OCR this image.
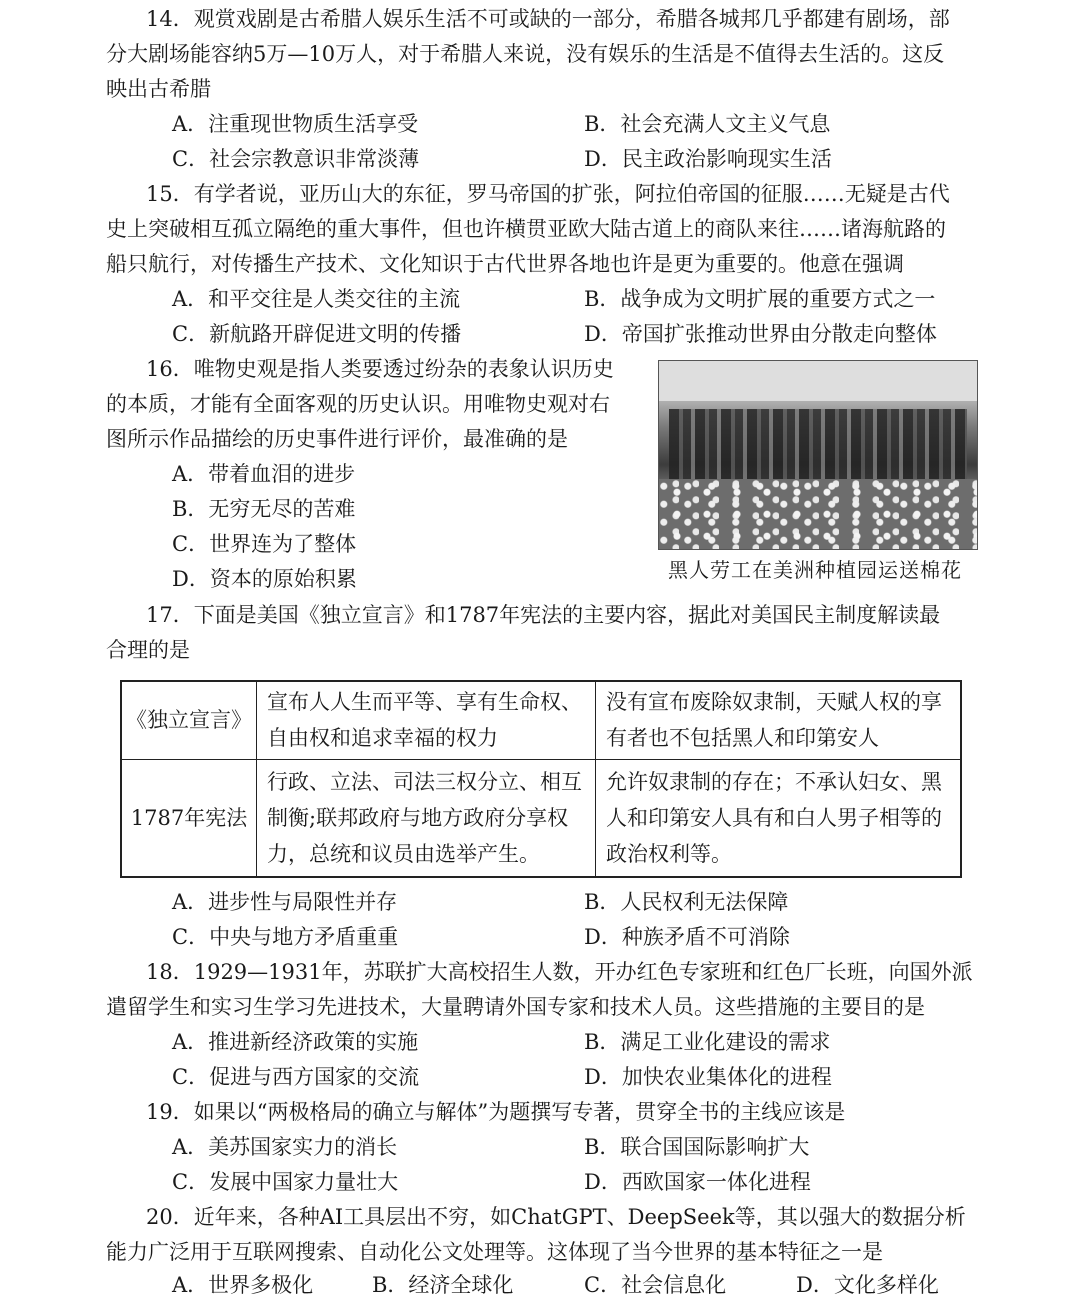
14．观赏戏剧是古希腊人娱乐生活不可或缺的一部分，希腊各城邦几乎都建有剧场，部
分大剧场能容纳5万—10万人，对于希腊人来说，没有娱乐的生活是不值得去生活的。这反
映出古希腊
A．注重现世物质生活享受	B．社会充满人文主义气息
C．社会宗教意识非常淡薄	D．民主政治影响现实生活
15．有学者说，亚历山大的东征，罗马帝国的扩张，阿拉伯帝国的征服……无疑是古代
史上突破相互孤立隔绝的重大事件，但也许横贯亚欧大陆古道上的商队来往……诸海航路的
船只航行，对传播生产技术、文化知识于古代世界各地也许是更为重要的。他意在强调
A．和平交往是人类交往的主流	B．战争成为文明扩展的重要方式之一
C．新航路开辟促进文明的传播	D．帝国扩张推动世界由分散走向整体
16．唯物史观是指人类要透过纷杂的表象认识历史
的本质，才能有全面客观的历史认识。用唯物史观对右
图所示作品描绘的历史事件进行评价，最准确的是
A．带着血泪的进步
B．无穷无尽的苦难
C．世界连为了整体
D．资本的原始积累	黑人劳工在美洲种植园运送棉花
17．下面是美国《独立宣言》和1787年宪法的主要内容，据此对美国民主制度解读最
合理的是
《独立宣言》	宣布人人生而平等、享有生命权、自由权和追求幸福的权力	没有宣布废除奴隶制，天赋人权的享有者也不包括黑人和印第安人
1787年宪法	行政、立法、司法三权分立、相互制衡;联邦政府与地方政府分享权力，总统和议员由选举产生。	允许奴隶制的存在；不承认妇女、黑人和印第安人具有和白人男子相等的政治权利等。
A．进步性与局限性并存	B．人民权利无法保障
C．中央与地方矛盾重重	D．种族矛盾不可消除
18．1929—1931年，苏联扩大高校招生人数，开办红色专家班和红色厂长班，向国外派
遣留学生和实习生学习先进技术，大量聘请外国专家和技术人员。这些措施的主要目的是
A．推进新经济政策的实施	B．满足工业化建设的需求
C．促进与西方国家的交流	D．加快农业集体化的进程
19．如果以“两极格局的确立与解体”为题撰写专著，贯穿全书的主线应该是
A．美苏国家实力的消长	B．联合国国际影响扩大
C．发展中国家力量壮大	D．西欧国家一体化进程
20．近年来，各种AI工具层出不穷，如ChatGPT、DeepSeek等，其以强大的数据分析
能力广泛用于互联网搜索、自动化公文处理等。这体现了当今世界的基本特征之一是
A．世界多极化	B．经济全球化	C．社会信息化	D．文化多样化
